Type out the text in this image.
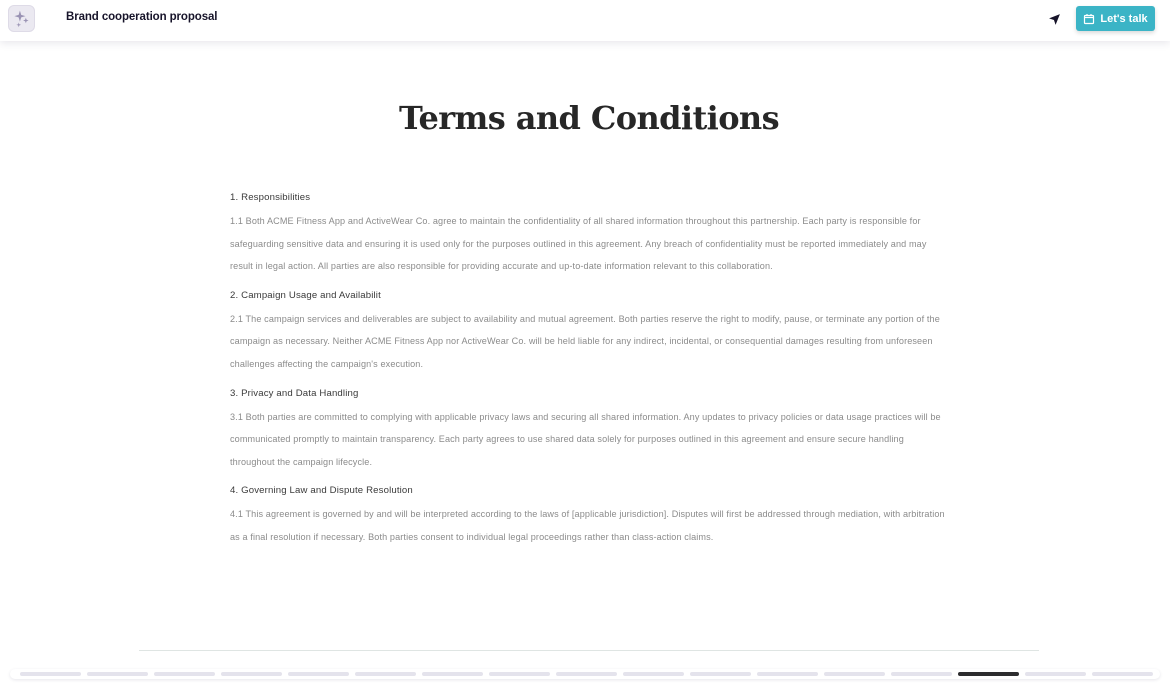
Brand cooperation proposal	Let's talk
Terms and Conditions
1. Responsibilities
1.1 Both ACME Fitness App and ActiveWear Co. agree to maintain the confidentiality of all shared information throughout this partnership. Each party is responsible for safeguarding sensitive data and ensuring it is used only for the purposes outlined in this agreement. Any breach of confidentiality must be reported immediately and may result in legal action. All parties are also responsible for providing accurate and up-to-date information relevant to this collaboration.
2. Campaign Usage and Availabilit
2.1 The campaign services and deliverables are subject to availability and mutual agreement. Both parties reserve the right to modify, pause, or terminate any portion of the campaign as necessary. Neither ACME Fitness App nor ActiveWear Co. will be held liable for any indirect, incidental, or consequential damages resulting from unforeseen challenges affecting the campaign's execution.
3. Privacy and Data Handling
3.1 Both parties are committed to complying with applicable privacy laws and securing all shared information. Any updates to privacy policies or data usage practices will be communicated promptly to maintain transparency. Each party agrees to use shared data solely for purposes outlined in this agreement and ensure secure handling throughout the campaign lifecycle.
4. Governing Law and Dispute Resolution
4.1 This agreement is governed by and will be interpreted according to the laws of [applicable jurisdiction]. Disputes will first be addressed through mediation, with arbitration as a final resolution if necessary. Both parties consent to individual legal proceedings rather than class-action claims.
